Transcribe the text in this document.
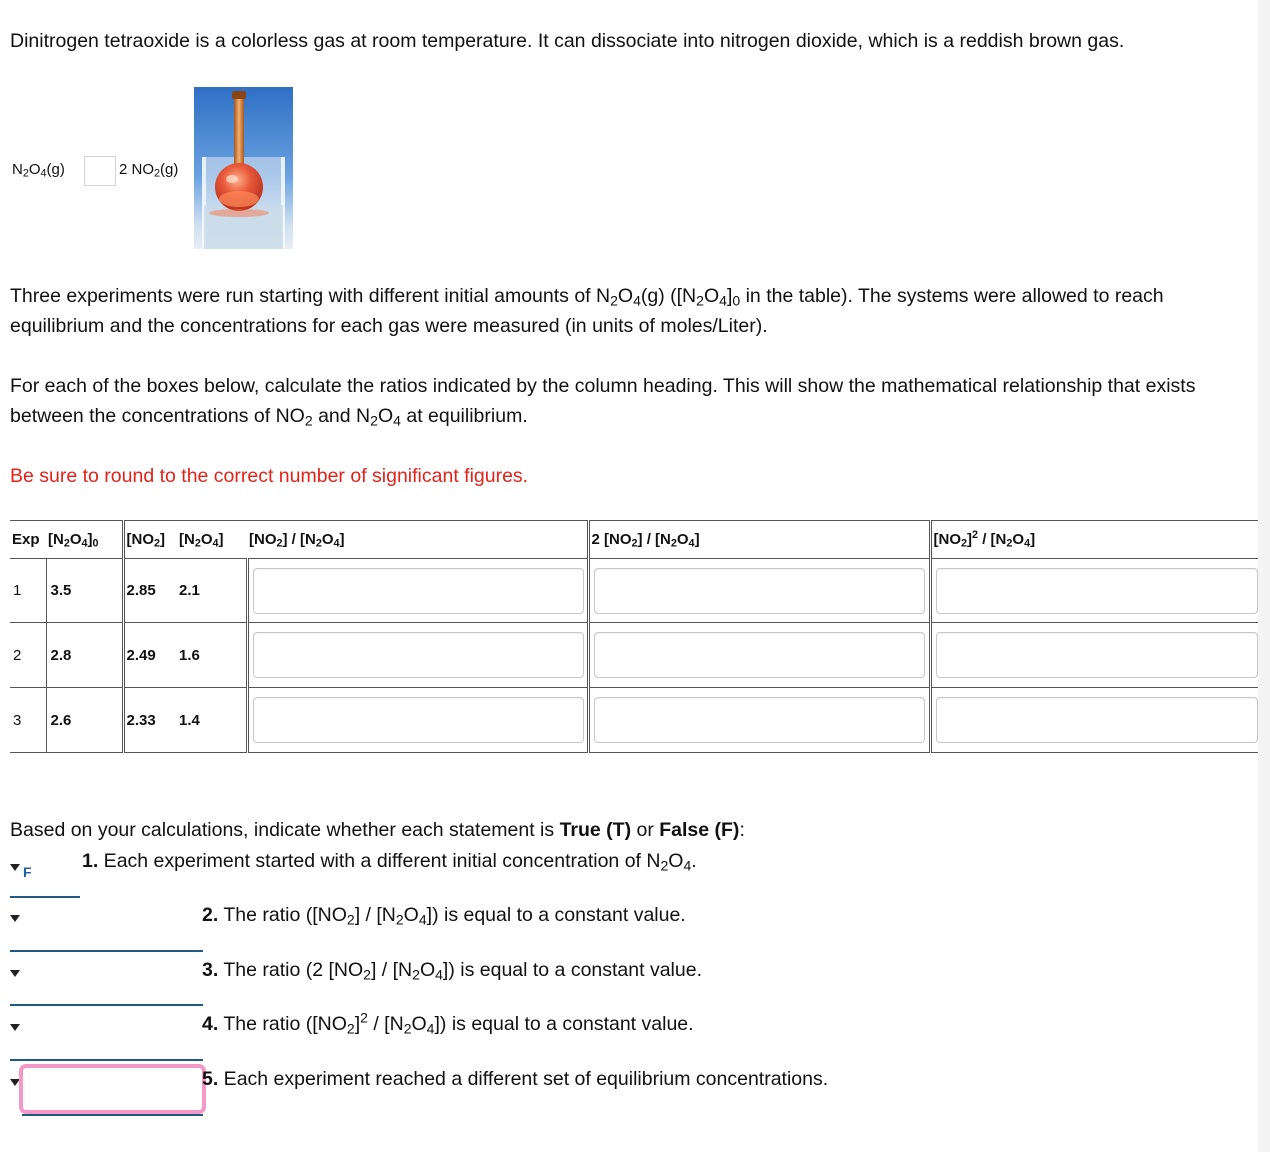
Dinitrogen tetraoxide is a colorless gas at room temperature. It can dissociate into nitrogen dioxide, which is a reddish brown gas.

$N_2O_4(g)$	2 $NO_2(g)$

Three experiments were run starting with different initial amounts of $N_2O_4(g)$ ($[N_2O_4]_0$ in the table). The systems were allowed to reach equilibrium and the concentrations for each gas were measured (in units of moles/Liter).

For each of the boxes below, calculate the ratios indicated by the column heading. This will show the mathematical relationship that exists between the concentrations of $NO_2$ and $N_2O_4$ at equilibrium.

Be sure to round to the correct number of significant figures.

Exp	$[N_2O_4]_0$	$[NO_2]$	$[N_2O_4]$	$[NO_2] / [N_2O_4]$	2 $[NO_2] / [N_2O_4]$	$[NO_2]^2 / [N_2O_4]$
1	3.5	2.85	2.1	

2	2.8	2.49	1.6	

3	2.6	2.33	1.4	

Based on your calculations, indicate whether each statement is True (T) or False (F):

F	1. Each experiment started with a different initial concentration of $N_2O_4$.
2. The ratio $([NO_2] / [N_2O_4])$ is equal to a constant value.
3. The ratio (2 $[NO_2] / [N_2O_4]$) is equal to a constant value.
4. The ratio $([NO_2]^2 / [N_2O_4])$ is equal to a constant value.
5. Each experiment reached a different set of equilibrium concentrations.
